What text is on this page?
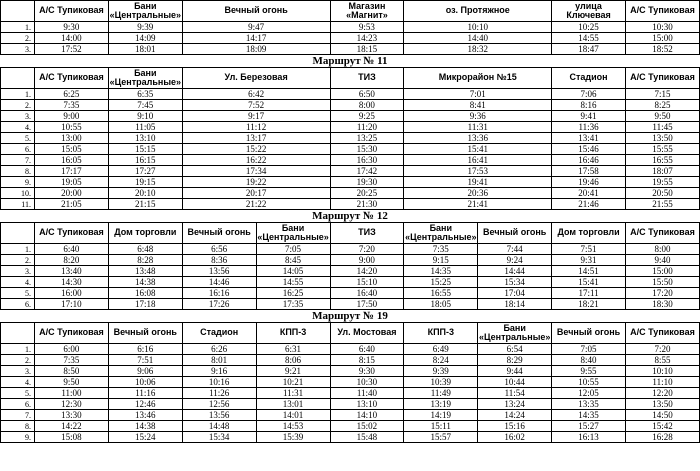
	А/С Тупиковая	Бани «Центральные»	Вечный огонь		Магазин «Магнит»	оз. Протяжное		улица Ключевая	А/С Тупиковая
1.	9:30	9:39	9:47		9:53	10:10		10:25	10:30
2.	14:00	14:09	14:17		14:23	14:40		14:55	15:00
3.	17:52	18:01	18:09		18:15	18:32		18:47	18:52
Маршрут № 11									
	А/С Тупиковая	Бани «Центральные»	Ул. Березовая		ТИЗ	Микрорайон №15		Стадион	А/С Тупиковая
1.	6:25	6:35	6:42		6:50	7:01		7:06	7:15
2.	7:35	7:45	7:52		8:00	8:41		8:16	8:25
3.	9:00	9:10	9:17		9:25	9:36		9:41	9:50
4.	10:55	11:05	11:12		11:20	11:31		11:36	11:45
5.	13:00	13:10	13:17		13:25	13:36		13:41	13:50
6.	15:05	15:15	15:22		15:30	15:41		15:46	15:55
7.	16:05	16:15	16:22		16:30	16:41		16:46	16:55
8.	17:17	17:27	17:34		17:42	17:53		17:58	18:07
9.	19:05	19:15	19:22		19:30	19:41		19:46	19:55
10.	20:00	20:10	20:17		20:25	20:36		20:41	20:50
11.	21:05	21:15	21:22		21:30	21:41		21:46	21:55
Маршрут № 12									
	А/С Тупиковая	Дом торговли	Вечный огонь	Бани «Центральные»	ТИЗ	Бани «Центральные»	Вечный огонь	Дом торговли	А/С Тупиковая
1.	6:40	6:48	6:56	7:05	7:20	7:35	7:44	7:51	8:00
2.	8:20	8:28	8:36	8:45	9:00	9:15	9:24	9:31	9:40
3.	13:40	13:48	13:56	14:05	14:20	14:35	14:44	14:51	15:00
4.	14:30	14:38	14:46	14:55	15:10	15:25	15:34	15:41	15:50
5.	16:00	16:08	16:16	16:25	16:40	16:55	17:04	17:11	17:20
6.	17:10	17:18	17:26	17:35	17:50	18:05	18:14	18:21	18:30
Маршрут № 19									
	А/С Тупиковая	Вечный огонь	Стадион	КПП-3	Ул. Мостовая	КПП-3	Бани «Центральные»	Вечный огонь	А/С Тупиковая
1.	6:00	6:16	6:26	6:31	6:40	6:49	6:54	7:05	7:20
2.	7:35	7:51	8:01	8:06	8:15	8:24	8:29	8:40	8:55
3.	8:50	9:06	9:16	9:21	9:30	9:39	9:44	9:55	10:10
4.	9:50	10:06	10:16	10:21	10:30	10:39	10:44	10:55	11:10
5.	11:00	11:16	11:26	11:31	11:40	11:49	11:54	12:05	12:20
6.	12:30	12:46	12:56	13:01	13:10	13:19	13:24	13:35	13:50
7.	13:30	13:46	13:56	14:01	14:10	14:19	14:24	14:35	14:50
8.	14:22	14:38	14:48	14:53	15:02	15:11	15:16	15:27	15:42
9.	15:08	15:24	15:34	15:39	15:48	15:57	16:02	16:13	16:28
